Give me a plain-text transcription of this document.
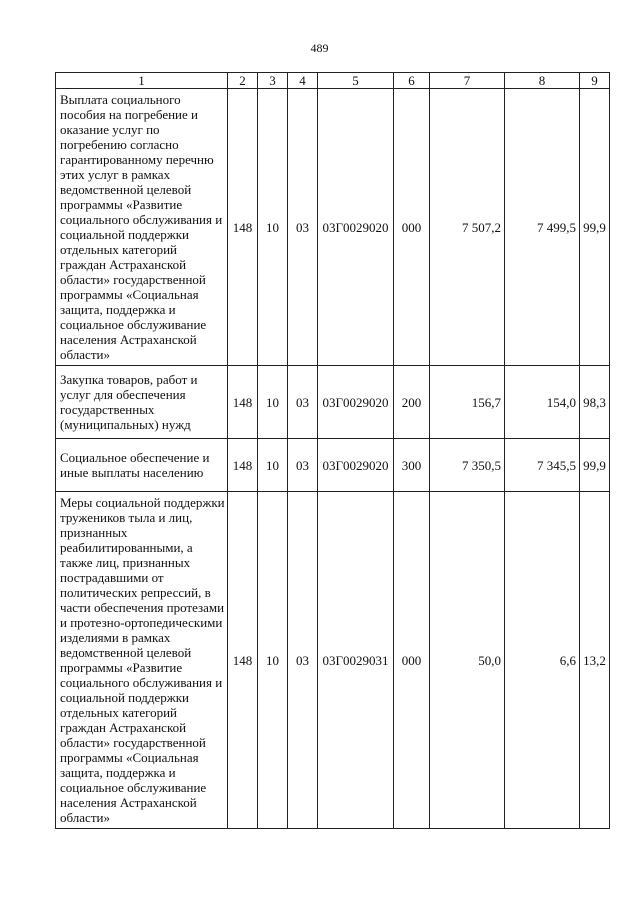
489
1	2	3	4	5	6	7	8	9
Выплата социального пособия на погребение и оказание услуг по погребению согласно гарантированному перечню этих услуг в рамках ведомственной целевой программы «Развитие социального обслуживания и социальной поддержки отдельных категорий граждан Астраханской области» государственной программы «Социальная защита, поддержка и социальное обслуживание населения Астраханской области»	148	10	03	03Г0029020	000	7 507,2	7 499,5	99,9
Закупка товаров, работ и услуг для обеспечения государственных (муниципальных) нужд	148	10	03	03Г0029020	200	156,7	154,0	98,3
Социальное обеспечение и иные выплаты населению	148	10	03	03Г0029020	300	7 350,5	7 345,5	99,9
Меры социальной поддержки тружеников тыла и лиц, признанных реабилитированными, а также лиц, признанных пострадавшими от политических репрессий, в части обеспечения протезами и протезно-ортопедическими изделиями в рамках ведомственной целевой программы «Развитие социального обслуживания и социальной поддержки отдельных категорий граждан Астраханской области» государственной программы «Социальная защита, поддержка и социальное обслуживание населения Астраханской области»	148	10	03	03Г0029031	000	50,0	6,6	13,2
